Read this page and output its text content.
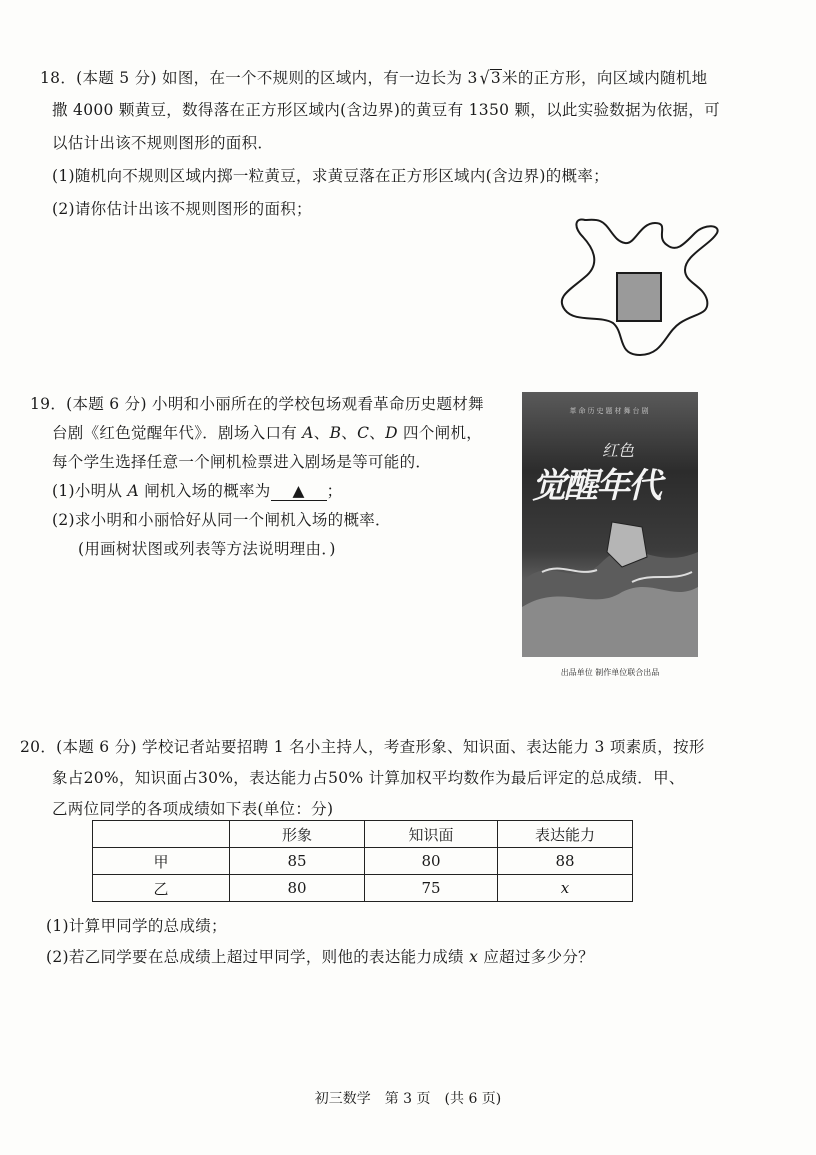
18．(本题 5 分) 如图，在一个不规则的区域内，有一边长为 3 √3米的正方形，向区域内随机地
撒 4000 颗黄豆，数得落在正方形区域内(含边界)的黄豆有 1350 颗，以此实验数据为依据，可
以估计出该不规则图形的面积．
(1)随机向不规则区域内掷一粒黄豆，求黄豆落在正方形区域内(含边界)的概率；
(2)请你估计出该不规则图形的面积；
19．(本题 6 分) 小明和小丽所在的学校包场观看革命历史题材舞
台剧《红色觉醒年代》．剧场入口有 A、B、C、D 四个闸机，
每个学生选择任意一个闸机检票进入剧场是等可能的．
(1)小明从 A 闸机入场的概率为 ▲ ；
(2)求小明和小丽恰好从同一个闸机入场的概率．
(用画树状图或列表等方法说明理由．)
革命历史题材舞台剧
红色
觉醒年代
出品单位 制作单位联合出品
20．(本题 6 分) 学校记者站要招聘 1 名小主持人，考查形象、知识面、表达能力 3 项素质，按形
象占20%，知识面占30%，表达能力占50% 计算加权平均数作为最后评定的总成绩．甲、
乙两位同学的各项成绩如下表(单位：分)
	形象	知识面	表达能力
甲	85	80	88
乙	80	75	x
(1)计算甲同学的总成绩；
(2)若乙同学要在总成绩上超过甲同学，则他的表达能力成绩 x 应超过多少分？
初三数学　第 3 页　(共 6 页)
